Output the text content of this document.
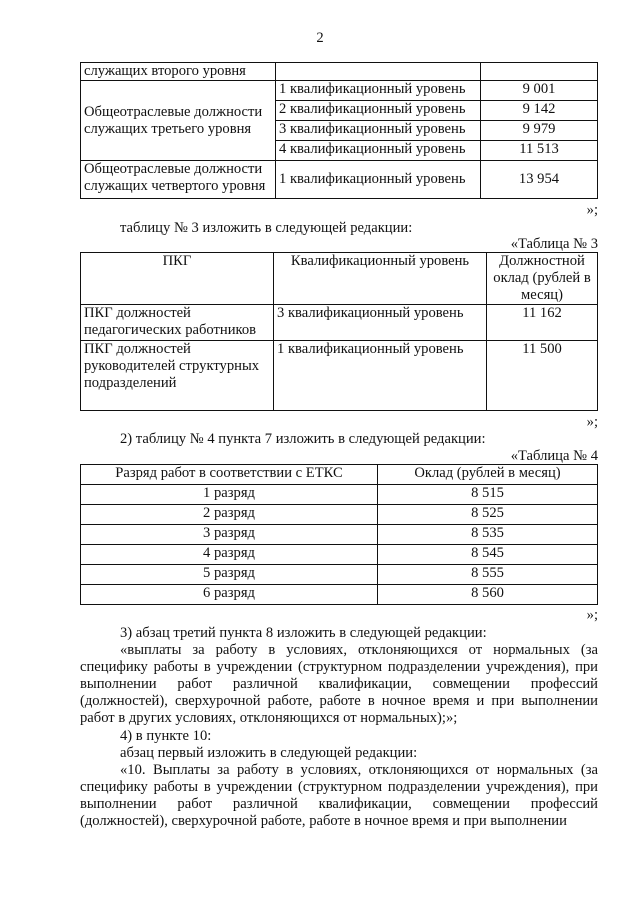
2
служащих второго уровня		
Общеотраслевые должности служащих третьего уровня	1 квалификационный уровень	9 001
	2 квалификационный уровень	9 142
	3 квалификационный уровень	9 979
	4 квалификационный уровень	11 513
Общеотраслевые должности служащих четвертого уровня	1 квалификационный уровень	13 954
»;
таблицу № 3 изложить в следующей редакции:
«Таблица № 3
ПКГ	Квалификационный уровень	Должностной оклад (рублей в месяц)
ПКГ должностей педагогических работников	3 квалификационный уровень	11 162
ПКГ должностей руководителей структурных подразделений	1 квалификационный уровень	11 500
»;
2) таблицу № 4 пункта 7 изложить в следующей редакции:
«Таблица № 4
Разряд работ в соответствии с ЕТКС	Оклад (рублей в месяц)
1 разряд	8 515
2 разряд	8 525
3 разряд	8 535
4 разряд	8 545
5 разряд	8 555
6 разряд	8 560
»;
3) абзац третий пункта 8 изложить в следующей редакции:
«выплаты за работу в условиях, отклоняющихся от нормальных (за специфику работы в учреждении (структурном подразделении учреждения), при выполнении работ различной квалификации, совмещении профессий (должностей), сверхурочной работе, работе в ночное время и при выполнении работ в других условиях, отклоняющихся от нормальных);»;
4) в пункте 10:
абзац первый изложить в следующей редакции:
«10. Выплаты за работу в условиях, отклоняющихся от нормальных (за специфику работы в учреждении (структурном подразделении учреждения), при выполнении работ различной квалификации, совмещении профессий (должностей), сверхурочной работе, работе в ночное время и при выполнении
